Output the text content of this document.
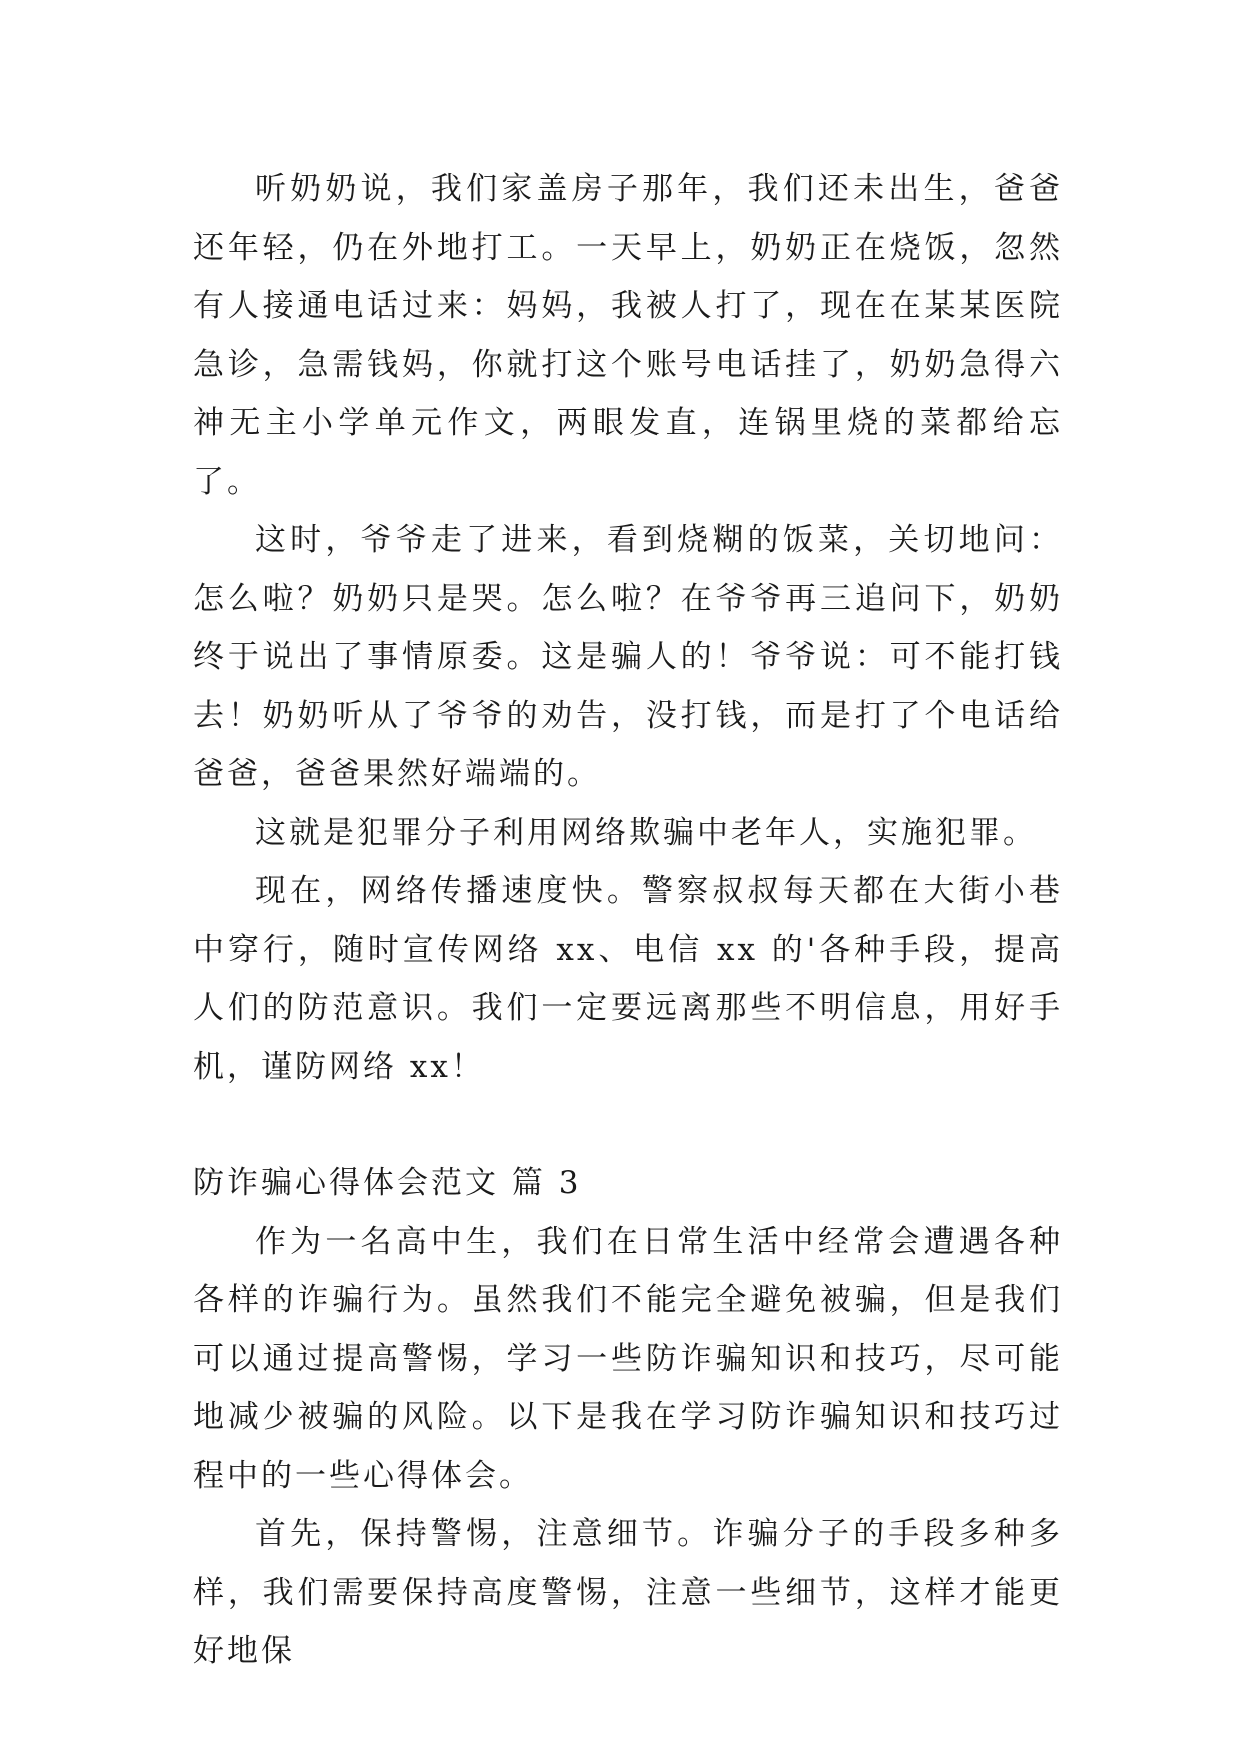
听奶奶说，我们家盖房子那年，我们还未出生，爸爸还年轻，仍在外地打工。一天早上，奶奶正在烧饭，忽然有人接通电话过来：妈妈，我被人打了，现在在某某医院急诊，急需钱妈，你就打这个账号电话挂了，奶奶急得六神无主小学单元作文，两眼发直，连锅里烧的菜都给忘了。

这时，爷爷走了进来，看到烧糊的饭菜，关切地问：怎么啦？奶奶只是哭。怎么啦？在爷爷再三追问下，奶奶终于说出了事情原委。这是骗人的！爷爷说：可不能打钱去！奶奶听从了爷爷的劝告，没打钱，而是打了个电话给爸爸，爸爸果然好端端的。

这就是犯罪分子利用网络欺骗中老年人，实施犯罪。

现在，网络传播速度快。警察叔叔每天都在大街小巷中穿行，随时宣传网络 xx、电信 xx 的'各种手段，提高人们的防范意识。我们一定要远离那些不明信息，用好手机，谨防网络 xx！

防诈骗心得体会范文 篇 3

作为一名高中生，我们在日常生活中经常会遭遇各种各样的诈骗行为。虽然我们不能完全避免被骗，但是我们可以通过提高警惕，学习一些防诈骗知识和技巧，尽可能地减少被骗的风险。以下是我在学习防诈骗知识和技巧过程中的一些心得体会。

首先，保持警惕，注意细节。诈骗分子的手段多种多样，我们需要保持高度警惕，注意一些细节，这样才能更好地保
